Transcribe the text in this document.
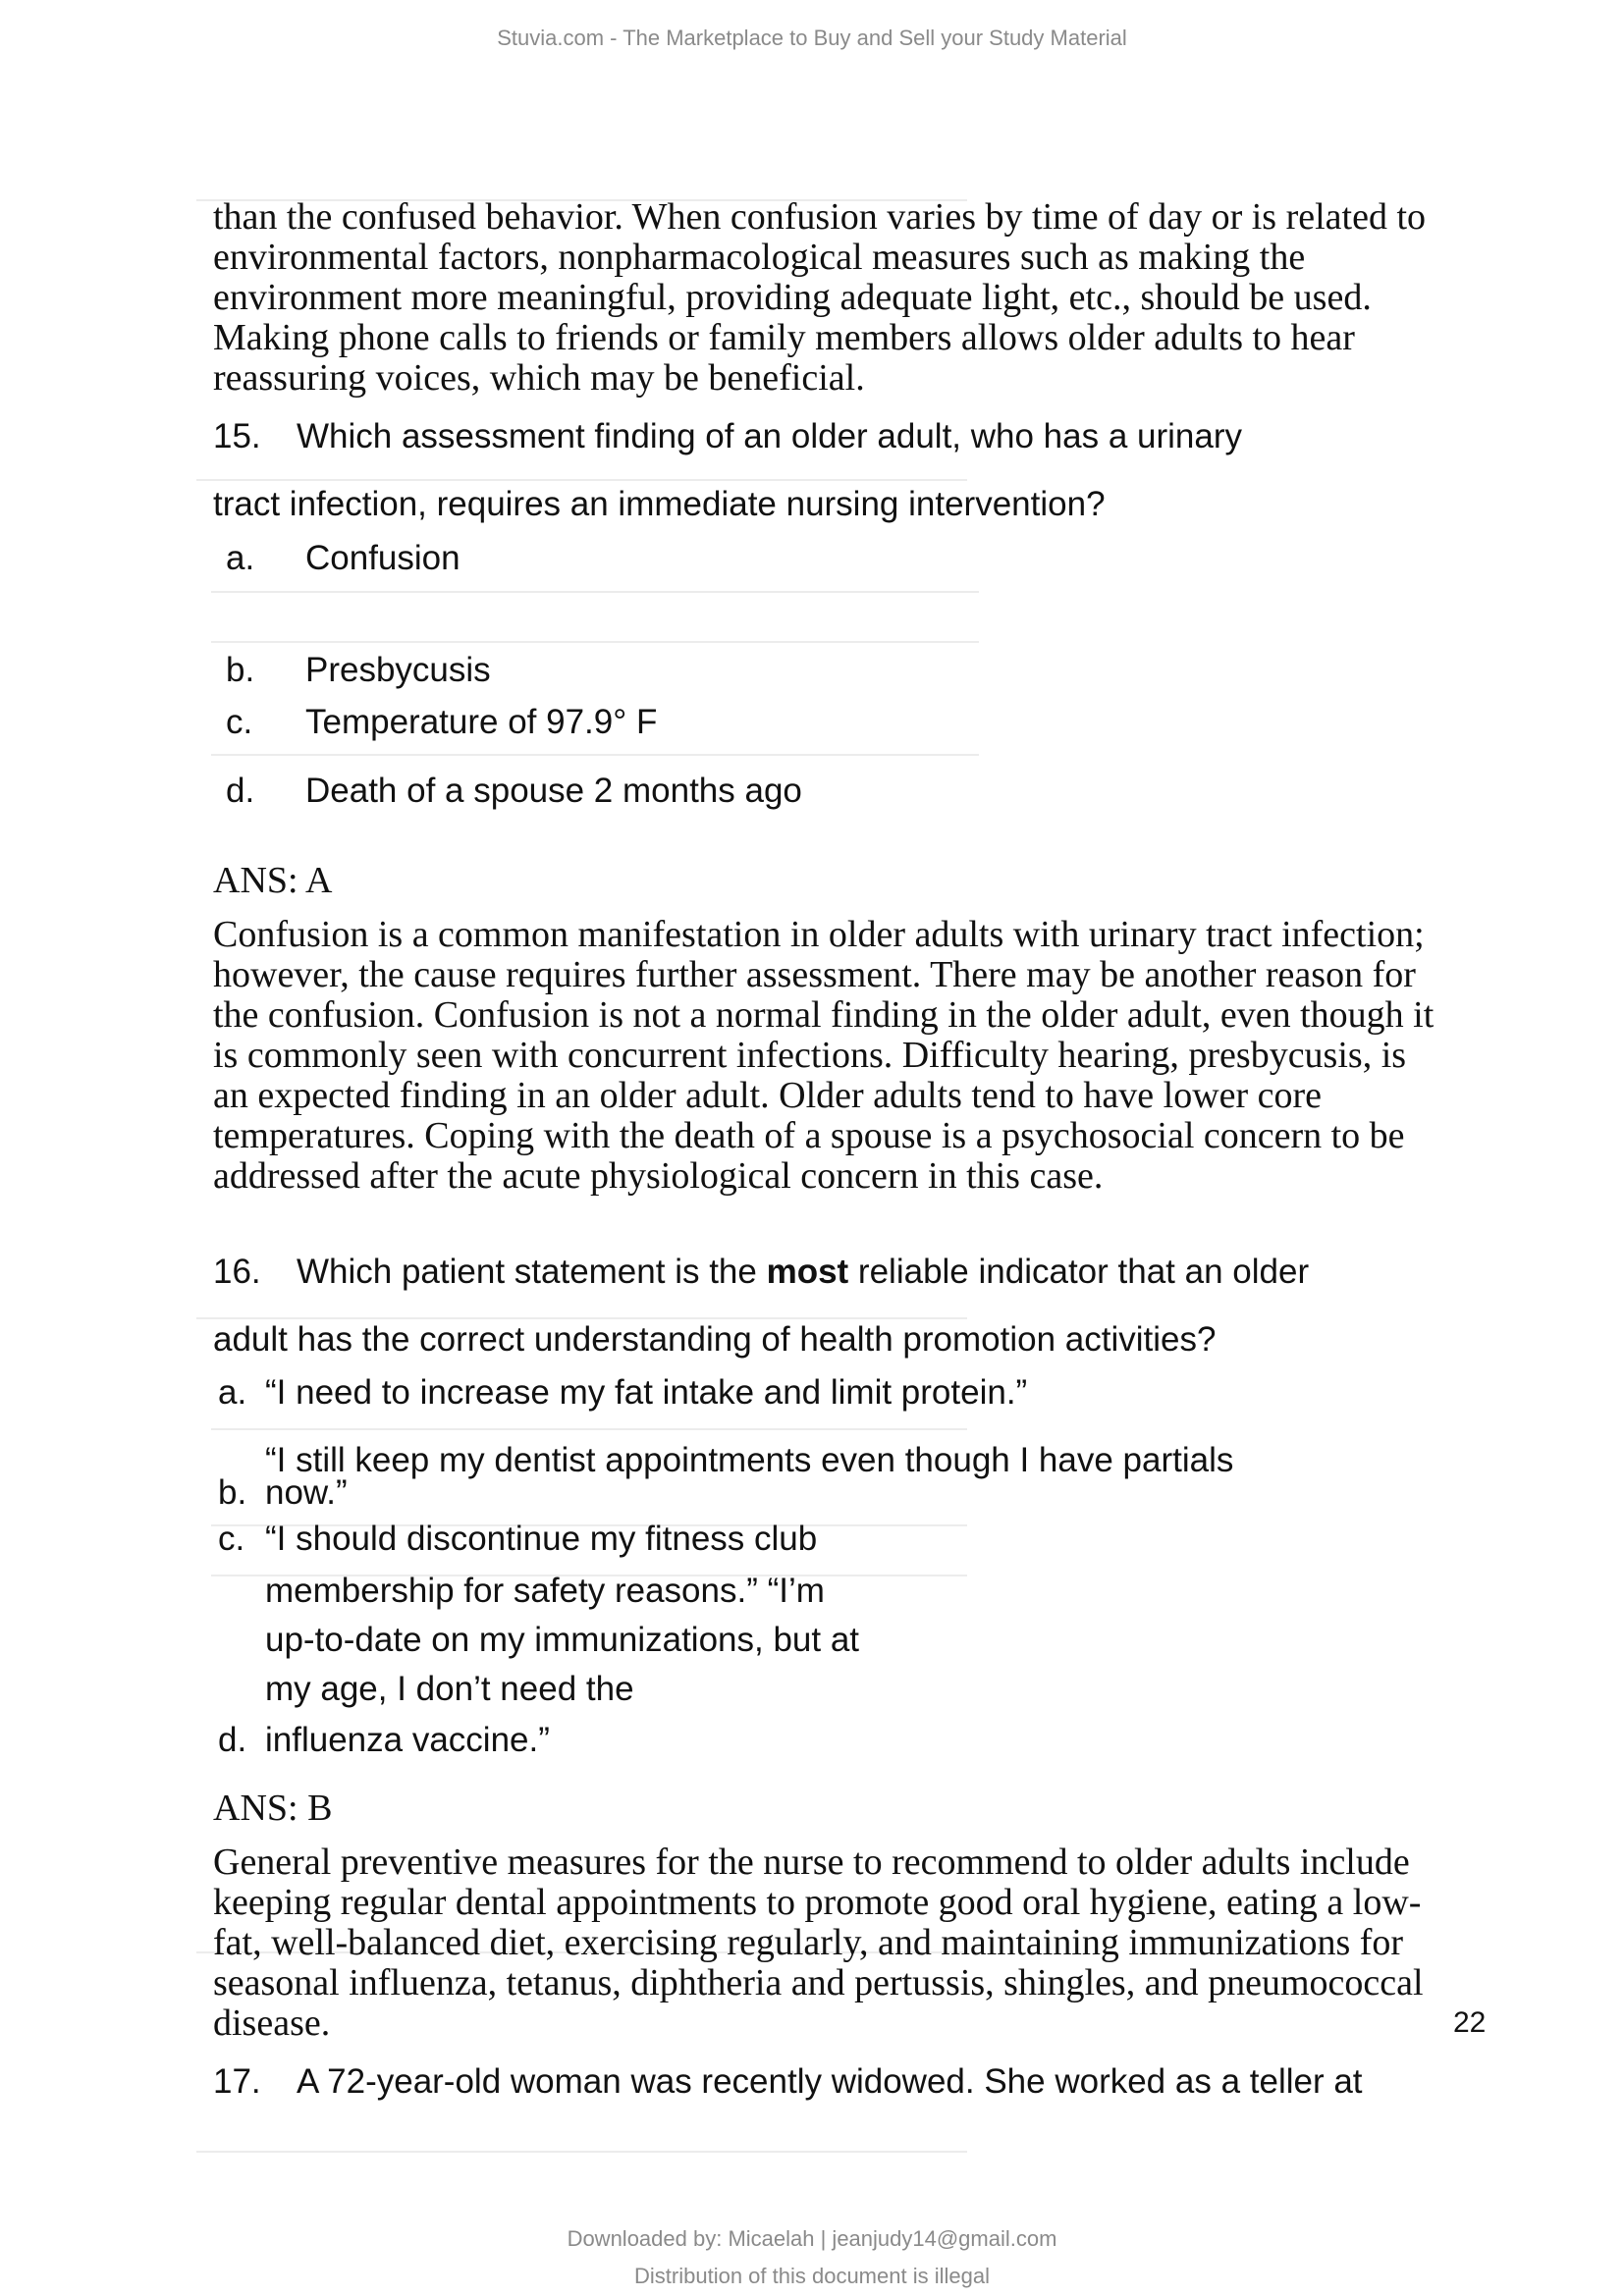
Stuvia.com - The Marketplace to Buy and Sell your Study Material
than the confused behavior. When confusion varies by time of day or is related to environmental factors, nonpharmacological measures such as making the environment more meaningful, providing adequate light, etc., should be used. Making phone calls to friends or family members allows older adults to hear reassuring voices, which may be beneficial.
15. Which assessment finding of an older adult, who has a urinary
tract infection, requires an immediate nursing intervention?
a. Confusion
b. Presbycusis
c. Temperature of 97.9° F
d. Death of a spouse 2 months ago
ANS: A
Confusion is a common manifestation in older adults with urinary tract infection; however, the cause requires further assessment. There may be another reason for the confusion. Confusion is not a normal finding in the older adult, even though it is commonly seen with concurrent infections. Difficulty hearing, presbycusis, is an expected finding in an older adult. Older adults tend to have lower core temperatures. Coping with the death of a spouse is a psychosocial concern to be addressed after the acute physiological concern in this case.
16. Which patient statement is the most reliable indicator that an older
adult has the correct understanding of health promotion activities?
a. “I need to increase my fat intake and limit protein.”
“I still keep my dentist appointments even though I have partials
b. now.”
c. “I should discontinue my fitness club
membership for safety reasons.” “I’m
up-to-date on my immunizations, but at
my age, I don’t need the
d. influenza vaccine.”
ANS: B
General preventive measures for the nurse to recommend to older adults include keeping regular dental appointments to promote good oral hygiene, eating a low-fat, well-balanced diet, exercising regularly, and maintaining immunizations for seasonal influenza, tetanus, diphtheria and pertussis, shingles, and pneumococcal disease.	22
17. A 72-year-old woman was recently widowed. She worked as a teller at
Downloaded by: Micaelah | jeanjudy14@gmail.com
Distribution of this document is illegal
